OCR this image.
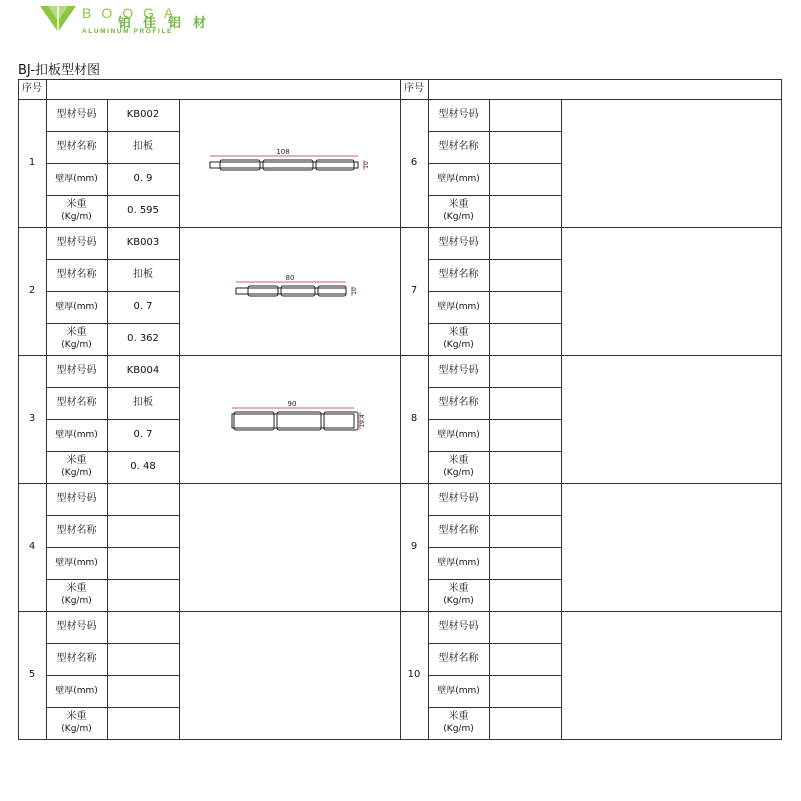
BOOGA
铂佳铝材
ALUMINUM PROFILE
BJ-扣板型材图
序号	序号
1
型材号码
型材名称
壁厚(mm)
米重
(Kg/m)
KB002
扣板
0. 9
0. 595
6
型材号码
型材名称
壁厚(mm)
米重
(Kg/m)
2
型材号码
型材名称
壁厚(mm)
米重
(Kg/m)
KB003
扣板
0. 7
0. 362
7
型材号码
型材名称
壁厚(mm)
米重
(Kg/m)
3
型材号码
型材名称
壁厚(mm)
米重
(Kg/m)
KB004
扣板
0. 7
0. 48
8
型材号码
型材名称
壁厚(mm)
米重
(Kg/m)
4
型材号码
型材名称
壁厚(mm)
米重
(Kg/m)
9
型材号码
型材名称
壁厚(mm)
米重
(Kg/m)
5
型材号码
型材名称
壁厚(mm)
米重
(Kg/m)
10
型材号码
型材名称
壁厚(mm)
米重
(Kg/m)
108
10
80
10
90
19.4
